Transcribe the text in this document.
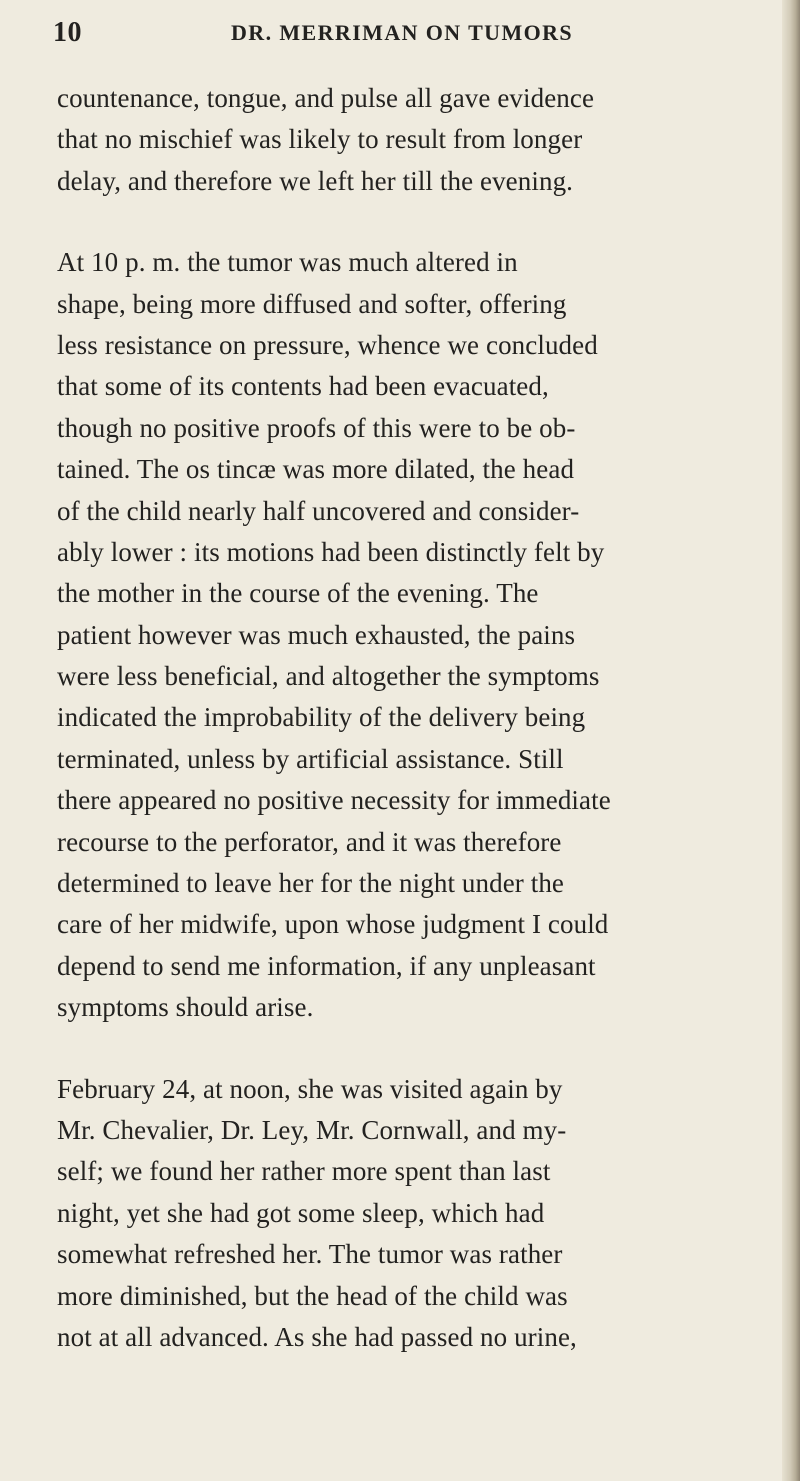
10	DR. MERRIMAN ON TUMORS

countenance, tongue, and pulse all gave evidence
that no mischief was likely to result from longer
delay, and therefore we left her till the evening.

At 10 p. m. the tumor was much altered in
shape, being more diffused and softer, offering
less resistance on pressure, whence we concluded
that some of its contents had been evacuated,
though no positive proofs of this were to be ob-
tained. The os tincæ was more dilated, the head
of the child nearly half uncovered and consider-
ably lower : its motions had been distinctly felt by
the mother in the course of the evening. The
patient however was much exhausted, the pains
were less beneficial, and altogether the symptoms
indicated the improbability of the delivery being
terminated, unless by artificial assistance. Still
there appeared no positive necessity for immediate
recourse to the perforator, and it was therefore
determined to leave her for the night under the
care of her midwife, upon whose judgment I could
depend to send me information, if any unpleasant
symptoms should arise.

February 24, at noon, she was visited again by
Mr. Chevalier, Dr. Ley, Mr. Cornwall, and my-
self; we found her rather more spent than last
night, yet she had got some sleep, which had
somewhat refreshed her. The tumor was rather
more diminished, but the head of the child was
not at all advanced. As she had passed no urine,
